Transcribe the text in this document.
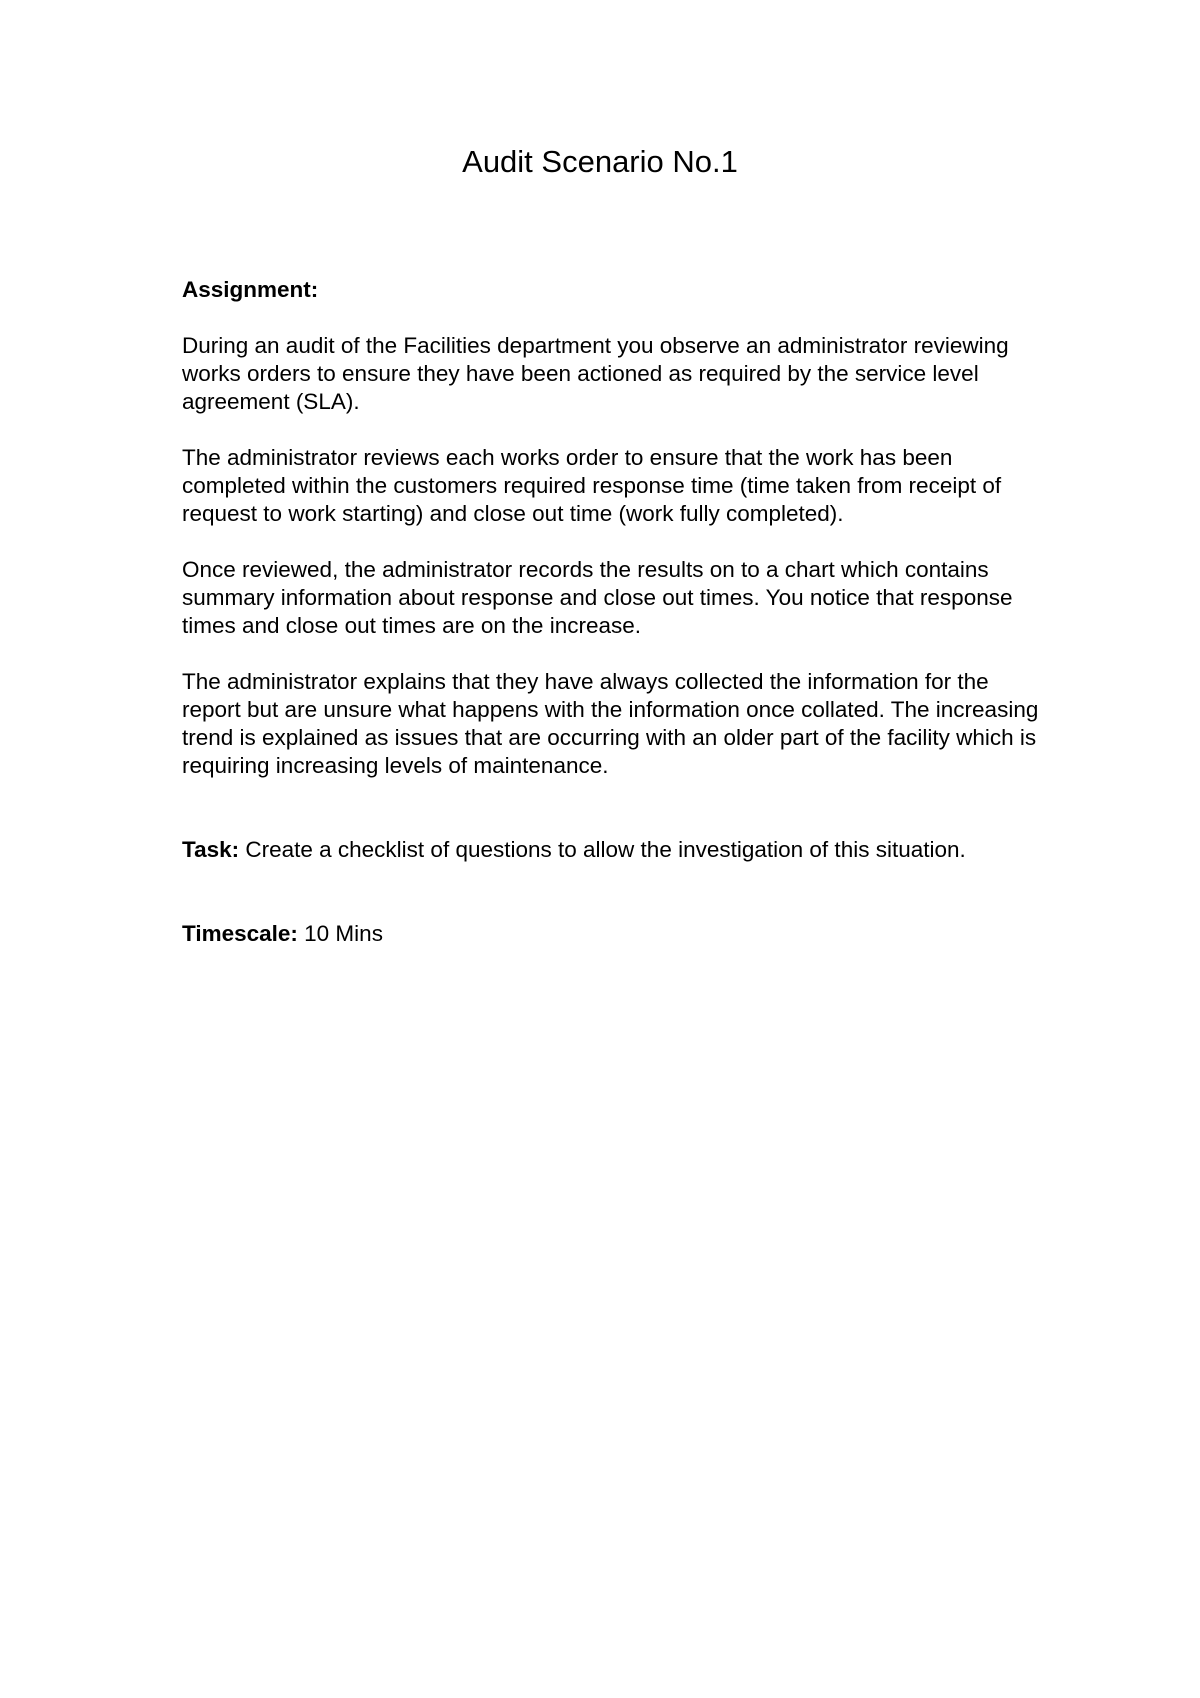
Audit Scenario No.1

Assignment:

During an audit of the Facilities department you observe an administrator reviewing works orders to ensure they have been actioned as required by the service level agreement (SLA).

The administrator reviews each works order to ensure that the work has been completed within the customers required response time (time taken from receipt of request to work starting) and close out time (work fully completed).

Once reviewed, the administrator records the results on to a chart which contains summary information about response and close out times. You notice that response times and close out times are on the increase.

The administrator explains that they have always collected the information for the report but are unsure what happens with the information once collated. The increasing trend is explained as issues that are occurring with an older part of the facility which is requiring increasing levels of maintenance.

Task: Create a checklist of questions to allow the investigation of this situation.

Timescale: 10 Mins
